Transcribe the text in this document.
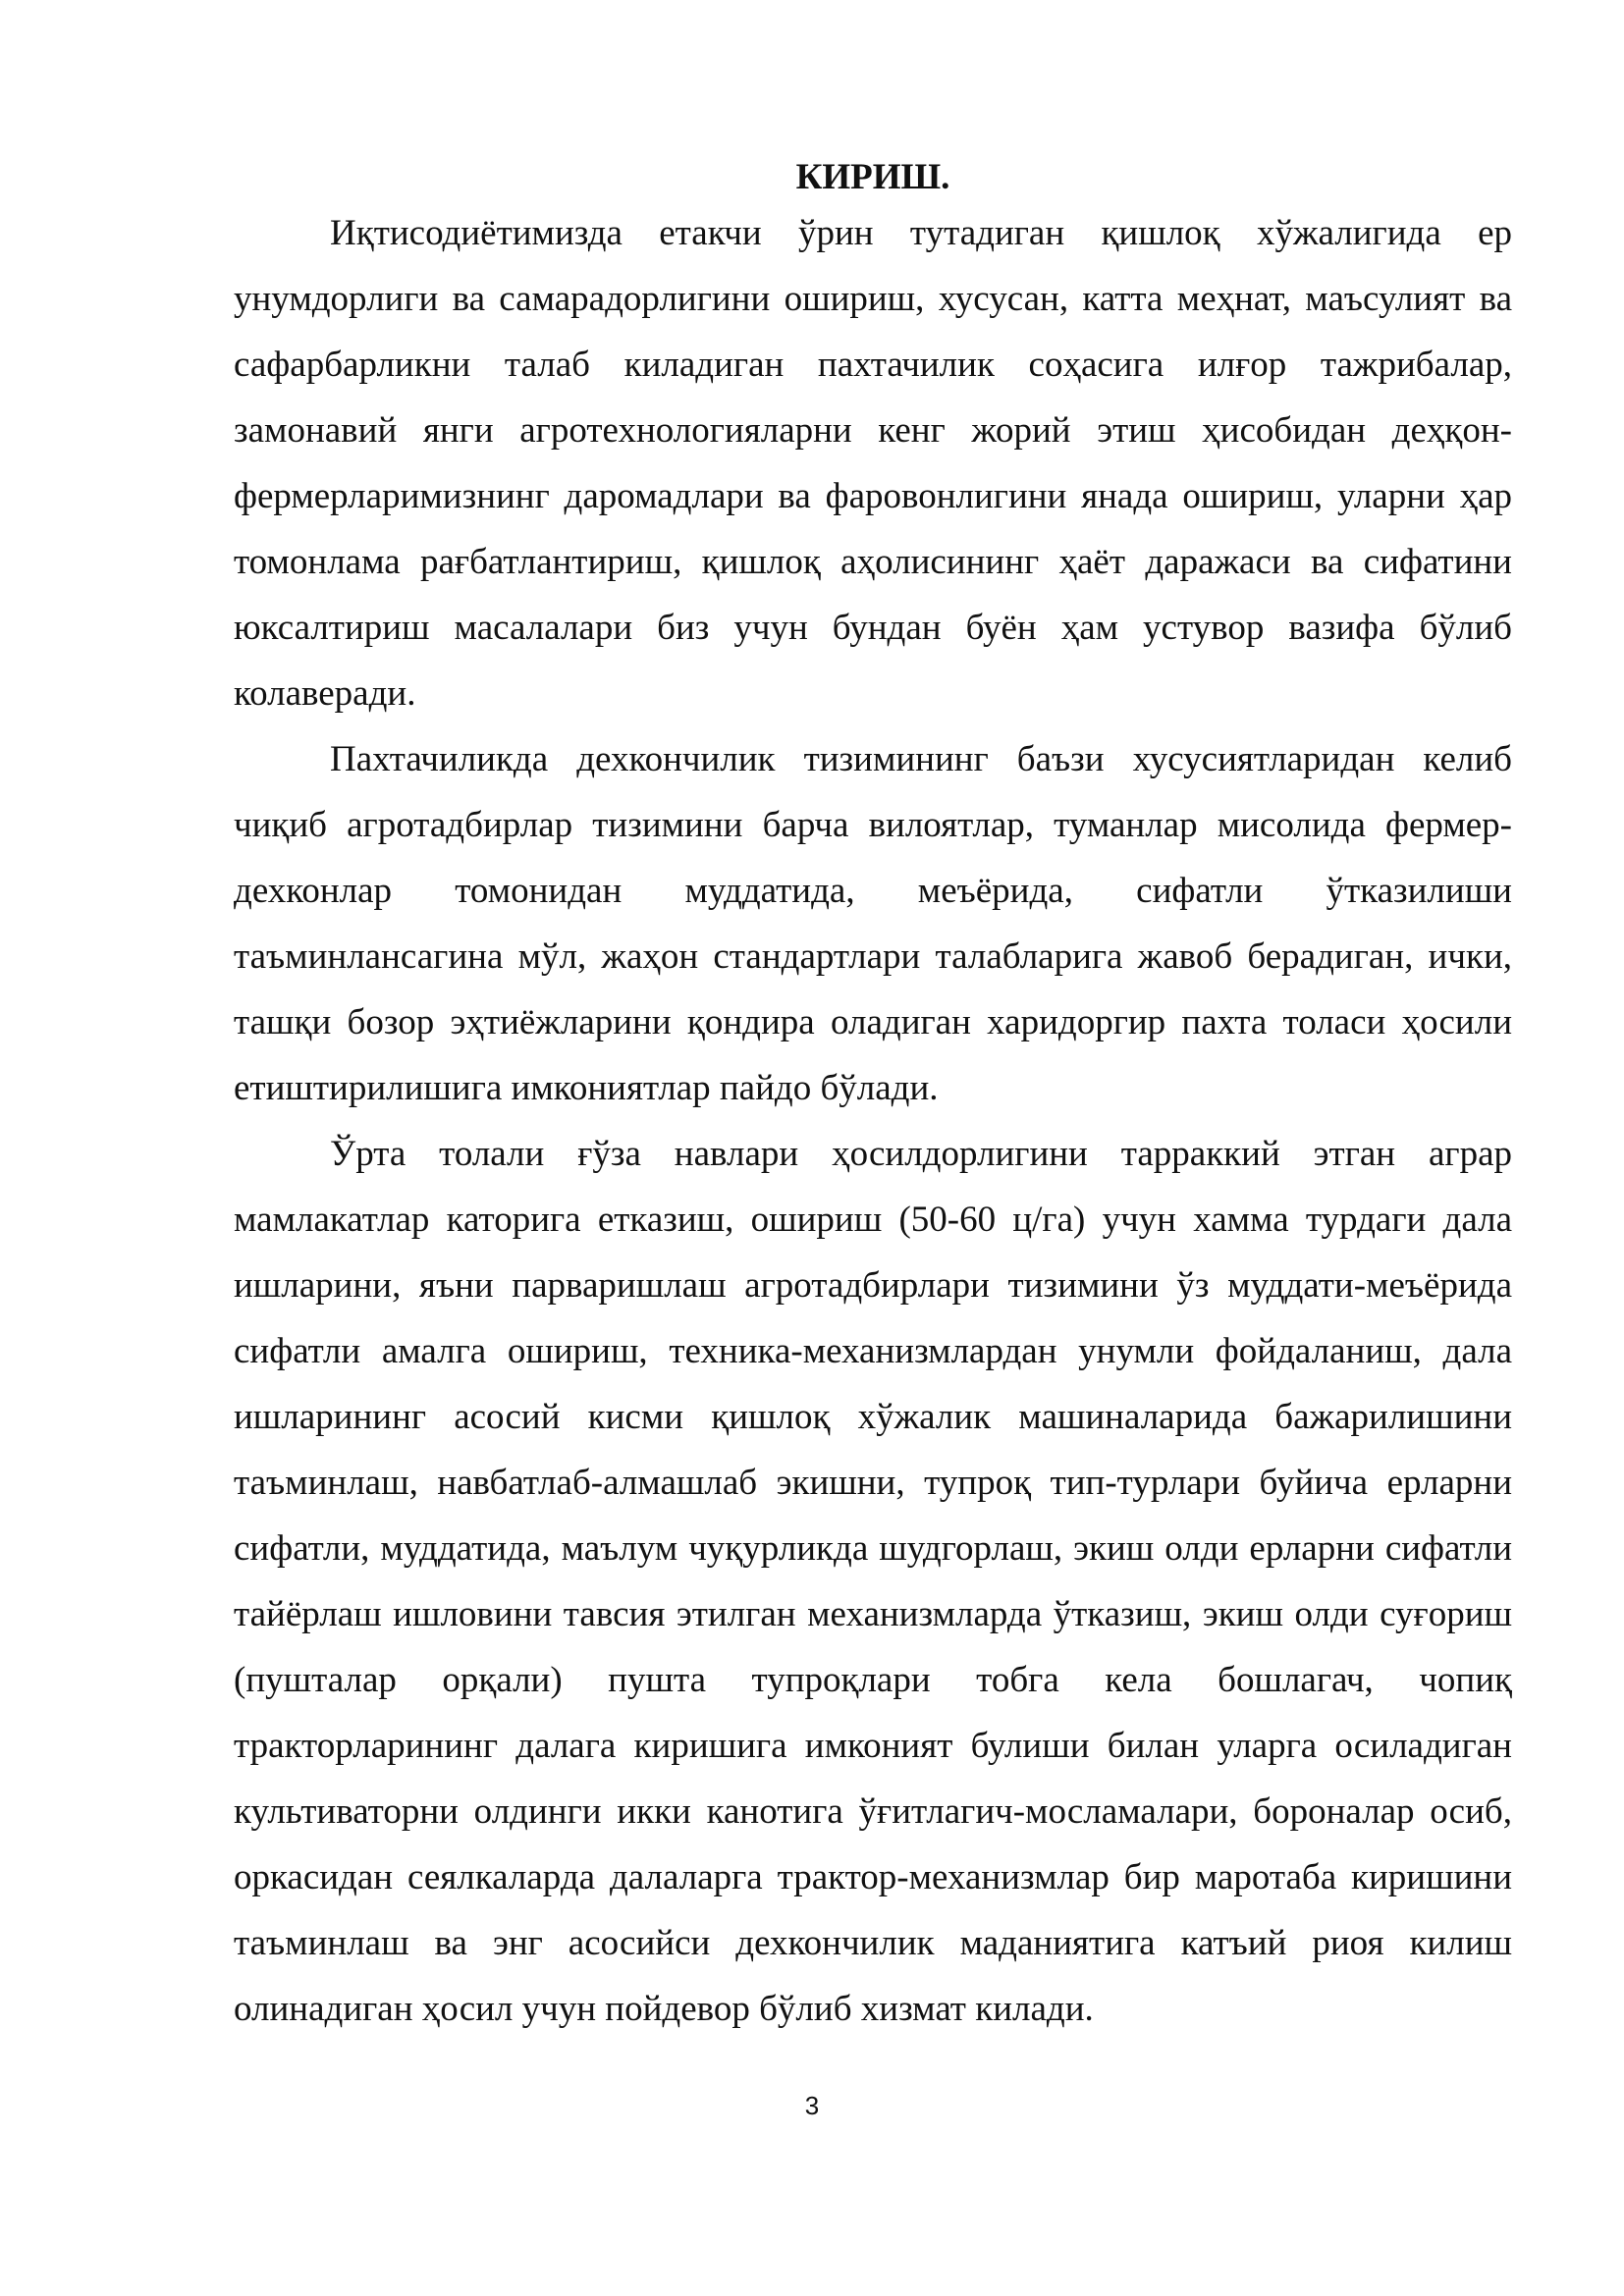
КИРИШ.

Иқтисодиётимизда етакчи ўрин тутадиган қишлоқ хўжалигида ер унумдорлиги ва самарадорлигини ошириш, хусусан, катта меҳнат, маъсулият ва сафарбарликни талаб киладиган пахтачилик соҳасига илғор тажрибалар, замонавий янги агротехнологияларни кенг жорий этиш ҳисобидан деҳқон-фермерларимизнинг даромадлари ва фаровонлигини янада ошириш, уларни ҳар томонлама рағбатлантириш, қишлоқ аҳолисининг ҳаёт даражаси ва сифатини юксалтириш масалалари биз учун бундан буён ҳам устувор вазифа бўлиб колаверади.

Пахтачиликда дехкончилик тизимининг баъзи хусусиятларидан келиб чиқиб агротадбирлар тизимини барча вилоятлар, туманлар мисолида фермер-дехконлар томонидан муддатида, меъёрида, сифатли ўтказилиши таъминлансагина мўл, жаҳон стандартлари талабларига жавоб берадиган, ички, ташқи бозор эҳтиёжларини қондира оладиган харидоргир пахта толаси ҳосили етиштирилишига имкониятлар пайдо бўлади.

Ўрта толали ғўза навлари ҳосилдорлигини тарраккий этган аграр мамлакатлар каторига етказиш, ошириш (50-60 ц/га) учун хамма турдаги дала ишларини, яъни парваришлаш агротадбирлари тизимини ўз муддати-меъёрида сифатли амалга ошириш, техника-механизмлардан унумли фойдаланиш, дала ишларининг асосий кисми қишлоқ хўжалик машиналарида бажарилишини таъминлаш, навбатлаб-алмашлаб экишни, тупроқ тип-турлари буйича ерларни сифатли, муддатида, маълум чуқурликда шудгорлаш, экиш олди ерларни сифатли тайёрлаш ишловини тавсия этилган механизмларда ўтказиш, экиш олди суғориш (пушталар орқали) пушта тупроқлари тобга кела бошлагач, чопиқ тракторларининг далага киришига имконият булиши билан уларга осиладиган культиваторни олдинги икки канотига ўғитлагич-мосламалари, бороналар осиб, оркасидан сеялкаларда далаларга трактор-механизмлар бир маротаба киришини таъминлаш ва энг асосийси дехкончилик маданиятига катъий риоя килиш олинадиган ҳосил учун пойдевор бўлиб хизмат килади.

3
